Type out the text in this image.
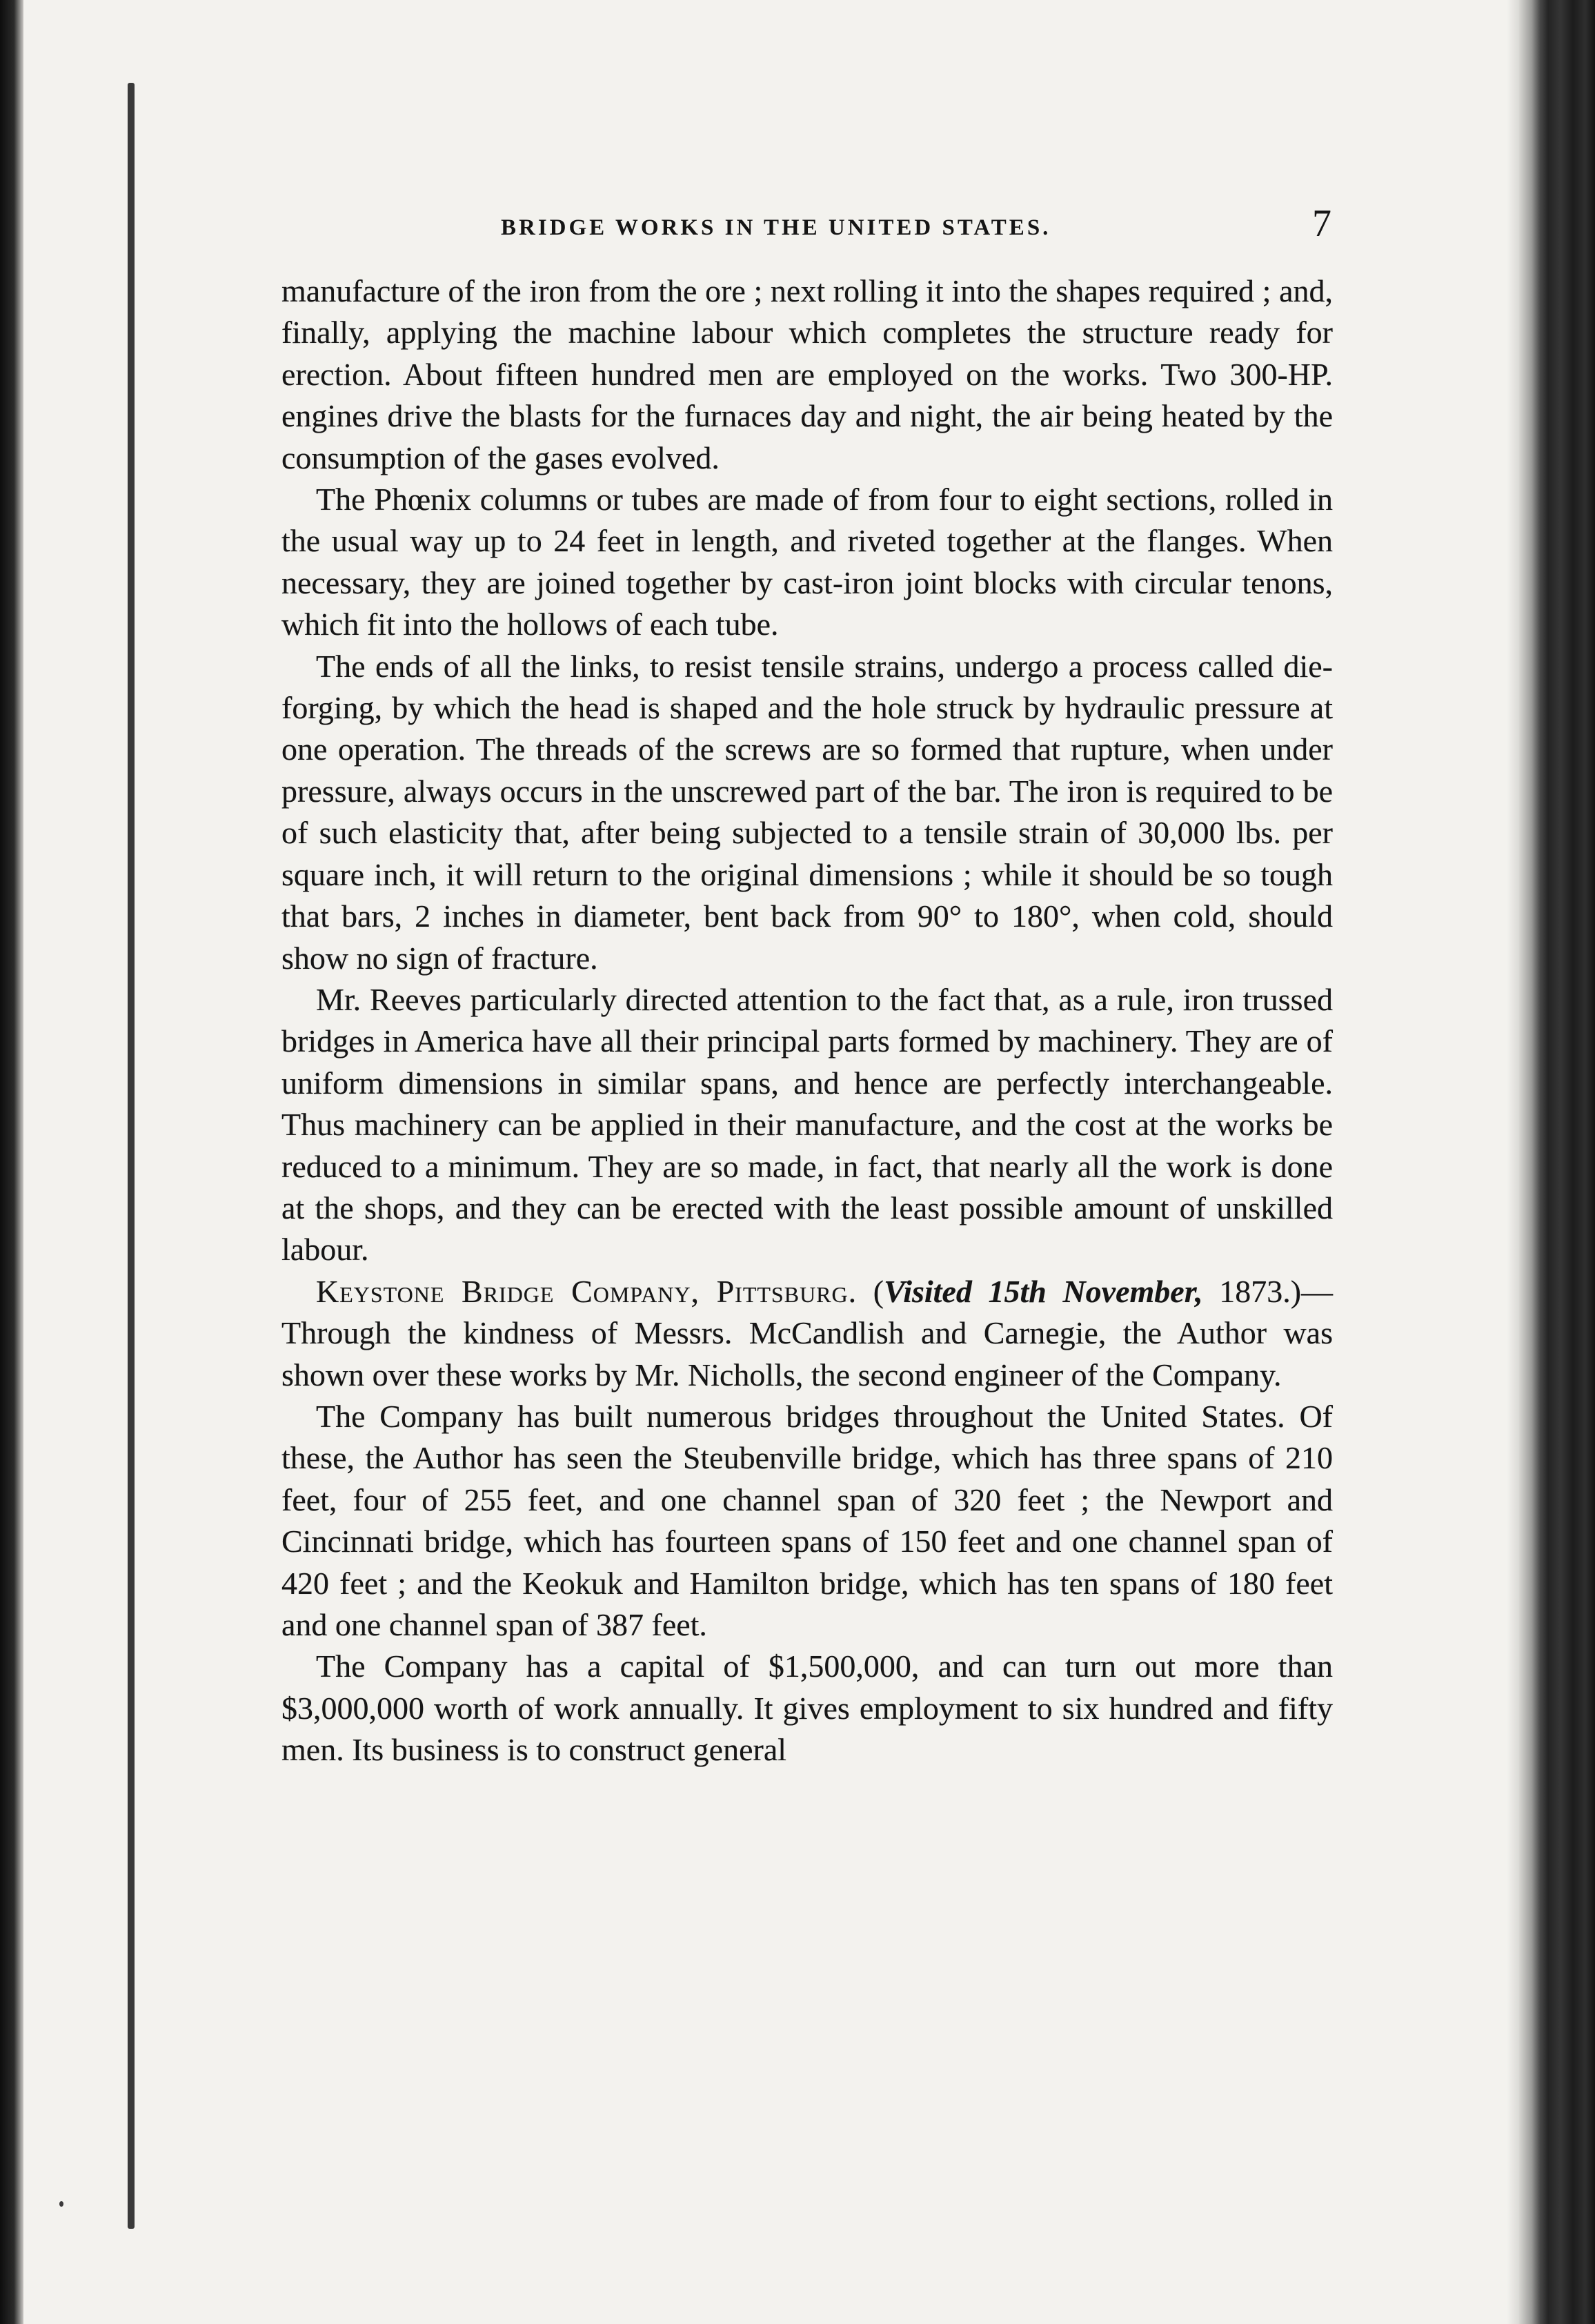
BRIDGE WORKS IN THE UNITED STATES.	7

manufacture of the iron from the ore ; next rolling it into the shapes required ; and, finally, applying the machine labour which completes the structure ready for erection. About fifteen hundred men are employed on the works. Two 300-HP. engines drive the blasts for the furnaces day and night, the air being heated by the consumption of the gases evolved.

The Phœnix columns or tubes are made of from four to eight sections, rolled in the usual way up to 24 feet in length, and riveted together at the flanges. When necessary, they are joined together by cast-iron joint blocks with circular tenons, which fit into the hollows of each tube.

The ends of all the links, to resist tensile strains, undergo a process called die-forging, by which the head is shaped and the hole struck by hydraulic pressure at one operation. The threads of the screws are so formed that rupture, when under pressure, always occurs in the unscrewed part of the bar. The iron is required to be of such elasticity that, after being subjected to a tensile strain of 30,000 lbs. per square inch, it will return to the original dimensions ; while it should be so tough that bars, 2 inches in diameter, bent back from 90° to 180°, when cold, should show no sign of fracture.

Mr. Reeves particularly directed attention to the fact that, as a rule, iron trussed bridges in America have all their principal parts formed by machinery. They are of uniform dimensions in similar spans, and hence are perfectly interchangeable. Thus machinery can be applied in their manufacture, and the cost at the works be reduced to a minimum. They are so made, in fact, that nearly all the work is done at the shops, and they can be erected with the least possible amount of unskilled labour.

Keystone Bridge Company, Pittsburg. (Visited 15th November, 1873.)—Through the kindness of Messrs. McCandlish and Carnegie, the Author was shown over these works by Mr. Nicholls, the second engineer of the Company.

The Company has built numerous bridges throughout the United States. Of these, the Author has seen the Steubenville bridge, which has three spans of 210 feet, four of 255 feet, and one channel span of 320 feet ; the Newport and Cincinnati bridge, which has fourteen spans of 150 feet and one channel span of 420 feet ; and the Keokuk and Hamilton bridge, which has ten spans of 180 feet and one channel span of 387 feet.

The Company has a capital of $1,500,000, and can turn out more than $3,000,000 worth of work annually. It gives employment to six hundred and fifty men. Its business is to construct general
